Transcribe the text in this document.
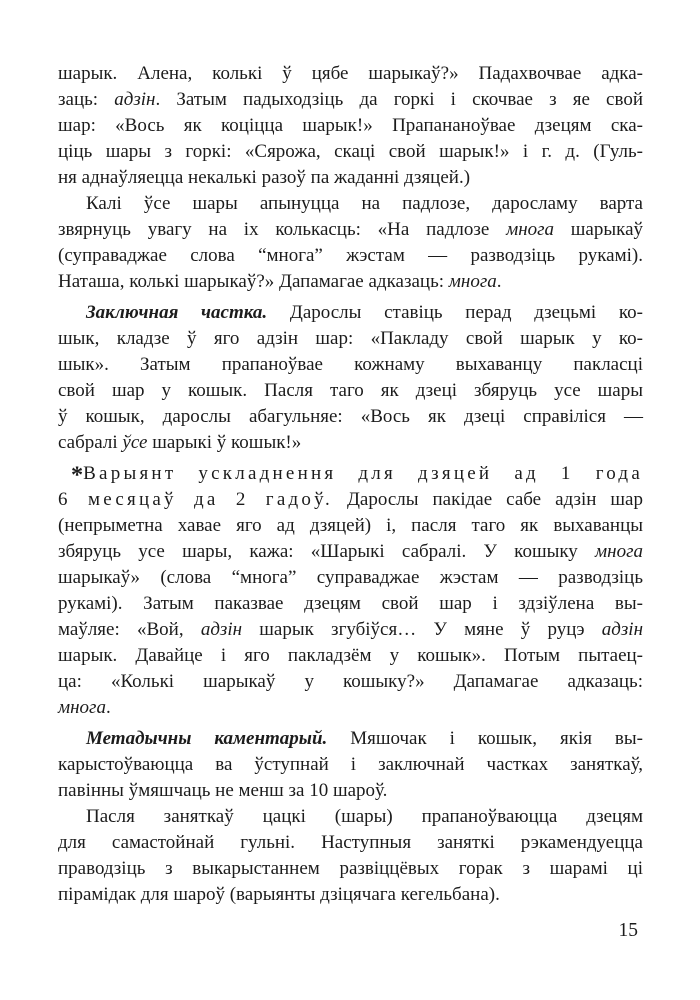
шарык. Алена, колькі ў цябе шарыкаў?» Падахвочвае адка-
заць: адзін. Затым падыходзіць да горкі і скочвае з яе свой
шар: «Вось як коціцца шарык!» Прапананоўвае дзецям ска-
ціць шары з горкі: «Сярожа, скаці свой шарык!» і г. д. (Гуль-
ня аднаўляецца некалькі разоў па жаданні дзяцей.)
Калі ўсе шары апынуцца на падлозе, даросламу варта
звярнуць увагу на іх колькасць: «На падлозе многа шарыкаў
(суправаджае слова “многа” жэстам — разводзіць рукамі).
Наташа, колькі шарыкаў?» Дапамагае адказаць: многа.
Заключная частка. Дарослы ставіць перад дзецьмі ко-
шык, кладзе ў яго адзін шар: «Пакладу свой шарык у ко-
шык». Затым прапаноўвае кожнаму выхаванцу пакласці
свой шар у кошык. Пасля таго як дзеці збяруць усе шары
ў кошык, дарослы абагульняе: «Вось як дзеці справіліся —
сабралі ўсе шарыкі ў кошык!»
*Варыянт ускладнення для дзяцей ад 1 года
6 месяцаў да 2 гадоў. Дарослы пакідае сабе адзін шар
(непрыметна хавае яго ад дзяцей) і, пасля таго як выхаванцы
збяруць усе шары, кажа: «Шарыкі сабралі. У кошыку многа
шарыкаў» (слова “многа” суправаджае жэстам — разводзіць
рукамі). Затым паказвае дзецям свой шар і здзіўлена вы-
маўляе: «Вой, адзін шарык згубіўся… У мяне ў руцэ адзін
шарык. Давайце і яго пакладзём у кошык». Потым пытаец-
ца: «Колькі шарыкаў у кошыку?» Дапамагае адказаць:
многа.
Метадычны каментарый. Мяшочак і кошык, якія вы-
карыстоўваюцца ва ўступнай і заключнай частках заняткаў,
павінны ўмяшчаць не менш за 10 шароў.
Пасля заняткаў цацкі (шары) прапаноўваюцца дзецям
для самастойнай гульні. Наступныя заняткі рэкамендуецца
праводзіць з выкарыстаннем развіццёвых горак з шарамі ці
пірамідак для шароў (варыянты дзіцячага кегельбана).
15
